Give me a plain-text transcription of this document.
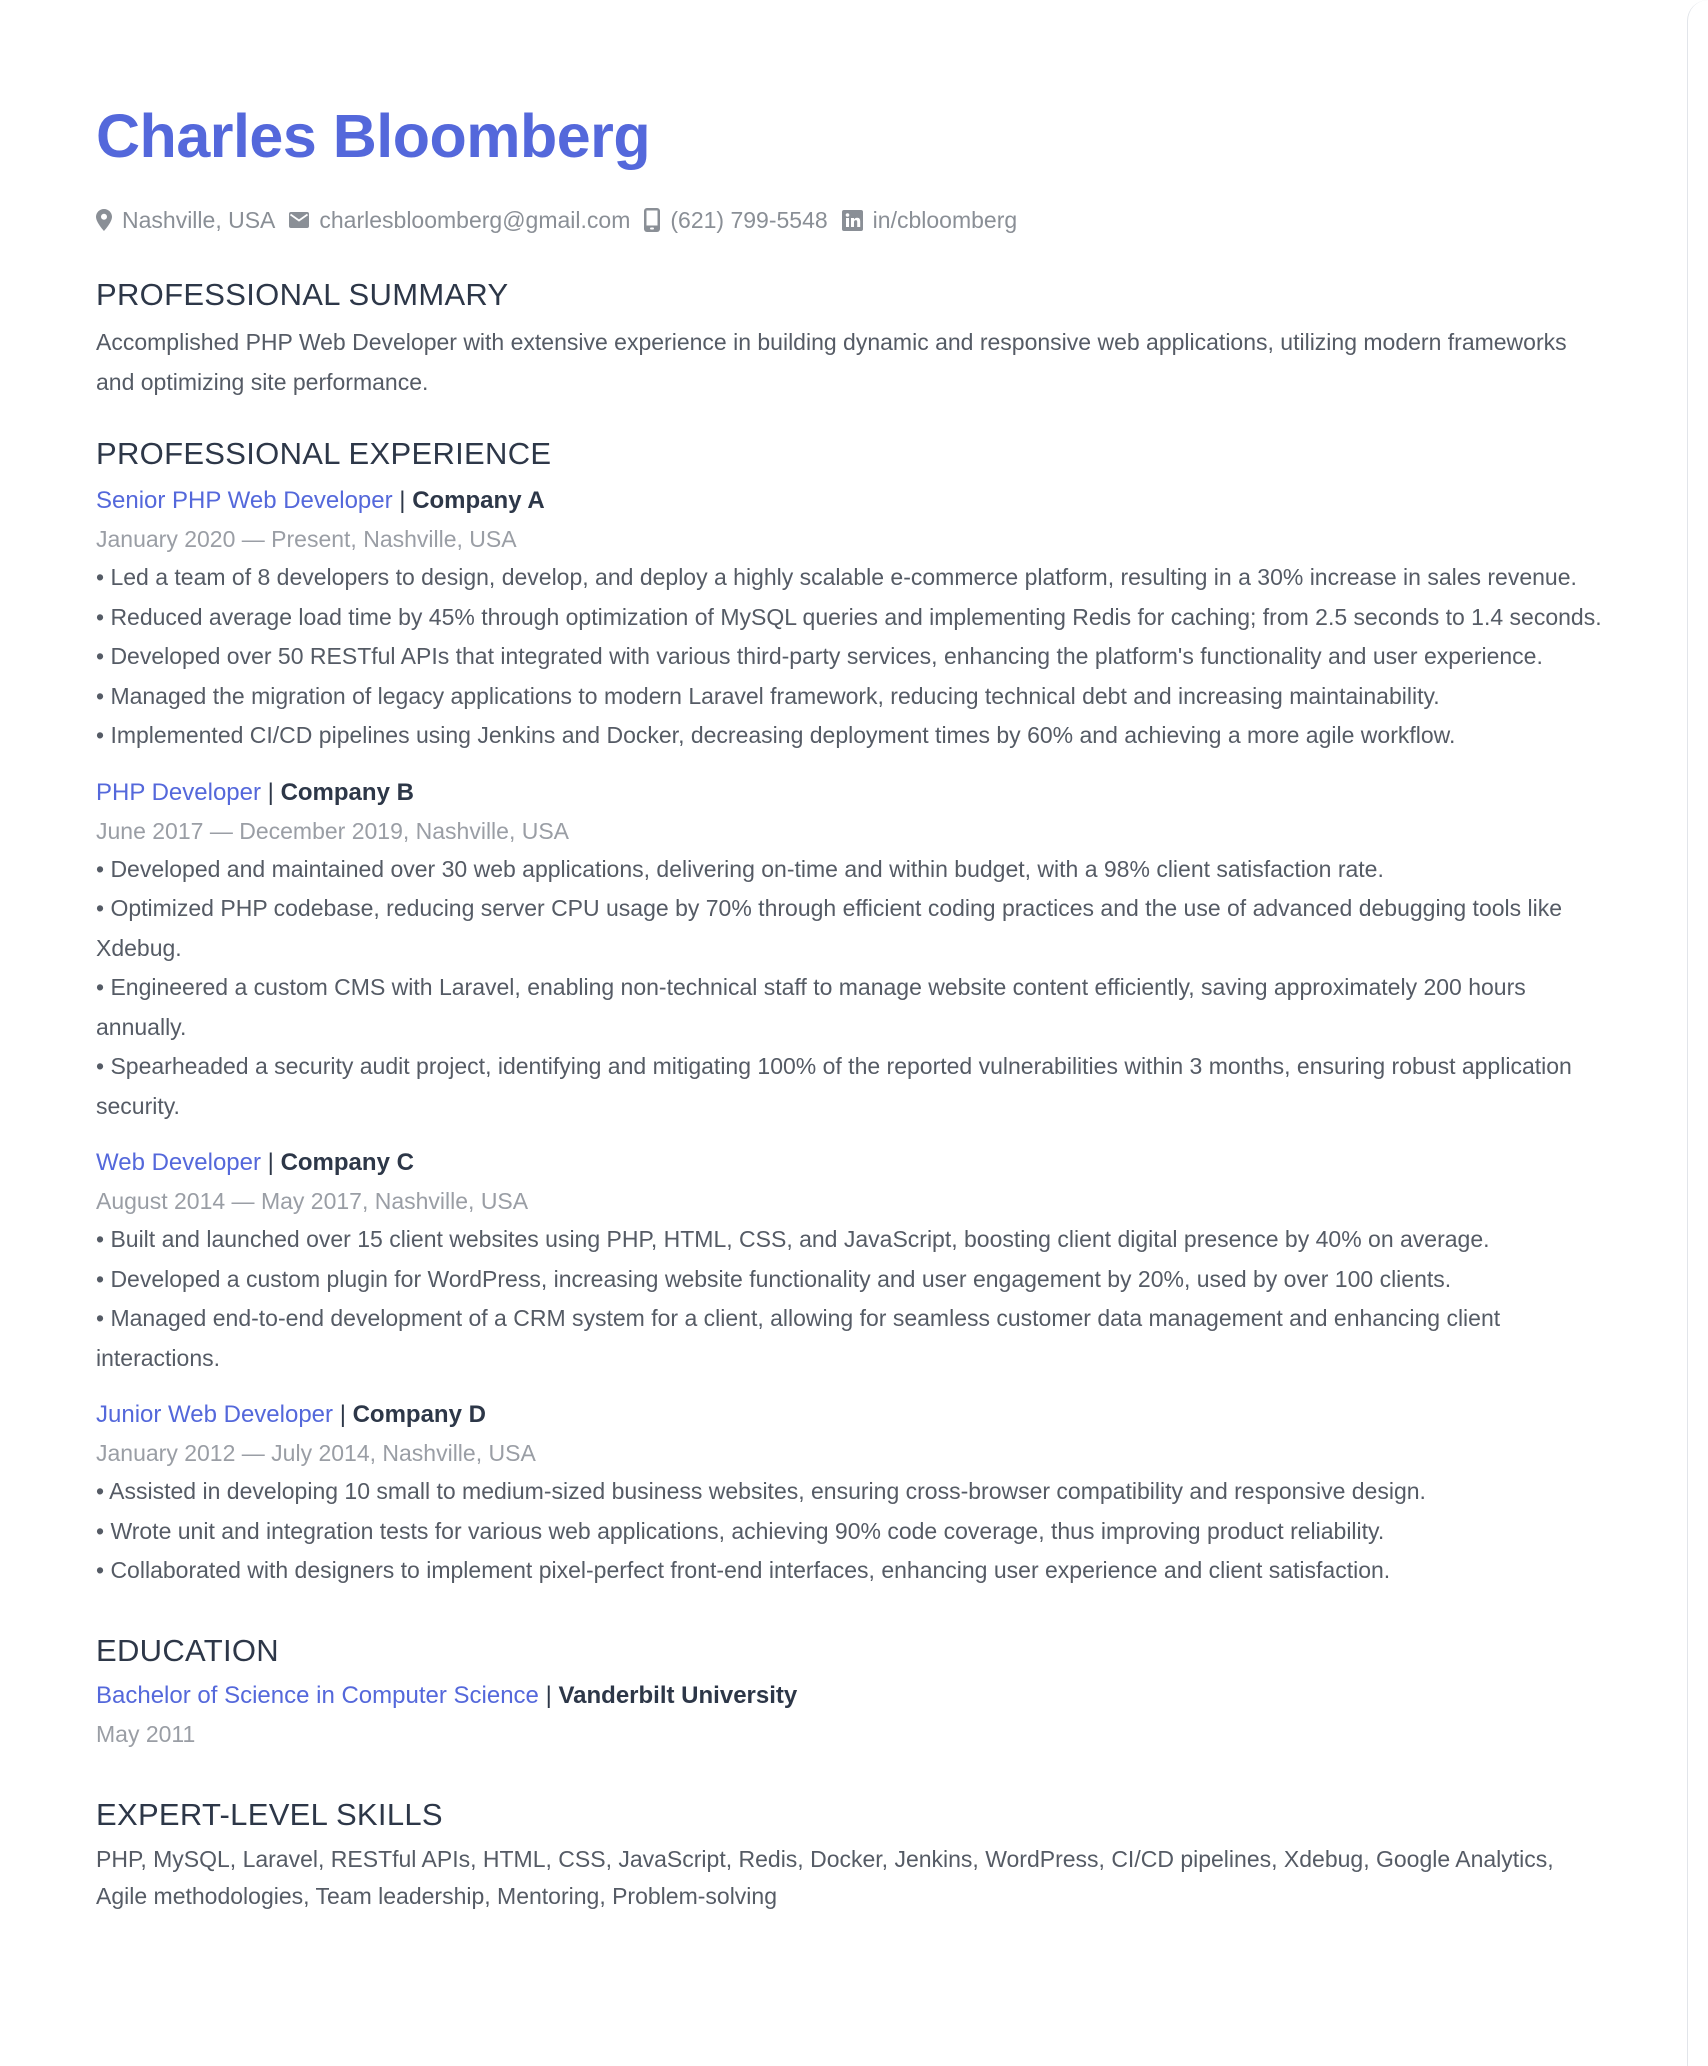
Charles Bloomberg
Nashville, USA charlesbloomberg@gmail.com (621) 799-5548 in/cbloomberg
PROFESSIONAL SUMMARY

Accomplished PHP Web Developer with extensive experience in building dynamic and responsive web applications, utilizing modern frameworks and optimizing site performance.

PROFESSIONAL EXPERIENCE
Senior PHP Web Developer | Company A
January 2020 — Present, Nashville, USA
• Led a team of 8 developers to design, develop, and deploy a highly scalable e-commerce platform, resulting in a 30% increase in sales revenue.
• Reduced average load time by 45% through optimization of MySQL queries and implementing Redis for caching; from 2.5 seconds to 1.4 seconds.
• Developed over 50 RESTful APIs that integrated with various third-party services, enhancing the platform's functionality and user experience.
• Managed the migration of legacy applications to modern Laravel framework, reducing technical debt and increasing maintainability.
• Implemented CI/CD pipelines using Jenkins and Docker, decreasing deployment times by 60% and achieving a more agile workflow.
PHP Developer | Company B
June 2017 — December 2019, Nashville, USA
• Developed and maintained over 30 web applications, delivering on-time and within budget, with a 98% client satisfaction rate.
• Optimized PHP codebase, reducing server CPU usage by 70% through efficient coding practices and the use of advanced debugging tools like Xdebug.
• Engineered a custom CMS with Laravel, enabling non-technical staff to manage website content efficiently, saving approximately 200 hours annually.
• Spearheaded a security audit project, identifying and mitigating 100% of the reported vulnerabilities within 3 months, ensuring robust application security.
Web Developer | Company C
August 2014 — May 2017, Nashville, USA
• Built and launched over 15 client websites using PHP, HTML, CSS, and JavaScript, boosting client digital presence by 40% on average.
• Developed a custom plugin for WordPress, increasing website functionality and user engagement by 20%, used by over 100 clients.
• Managed end-to-end development of a CRM system for a client, allowing for seamless customer data management and enhancing client interactions.
Junior Web Developer | Company D
January 2012 — July 2014, Nashville, USA
• Assisted in developing 10 small to medium-sized business websites, ensuring cross-browser compatibility and responsive design.
• Wrote unit and integration tests for various web applications, achieving 90% code coverage, thus improving product reliability.
• Collaborated with designers to implement pixel-perfect front-end interfaces, enhancing user experience and client satisfaction.
EDUCATION
Bachelor of Science in Computer Science | Vanderbilt University
May 2011
EXPERT-LEVEL SKILLS

PHP, MySQL, Laravel, RESTful APIs, HTML, CSS, JavaScript, Redis, Docker, Jenkins, WordPress, CI/CD pipelines, Xdebug, Google Analytics, Agile methodologies, Team leadership, Mentoring, Problem-solving
